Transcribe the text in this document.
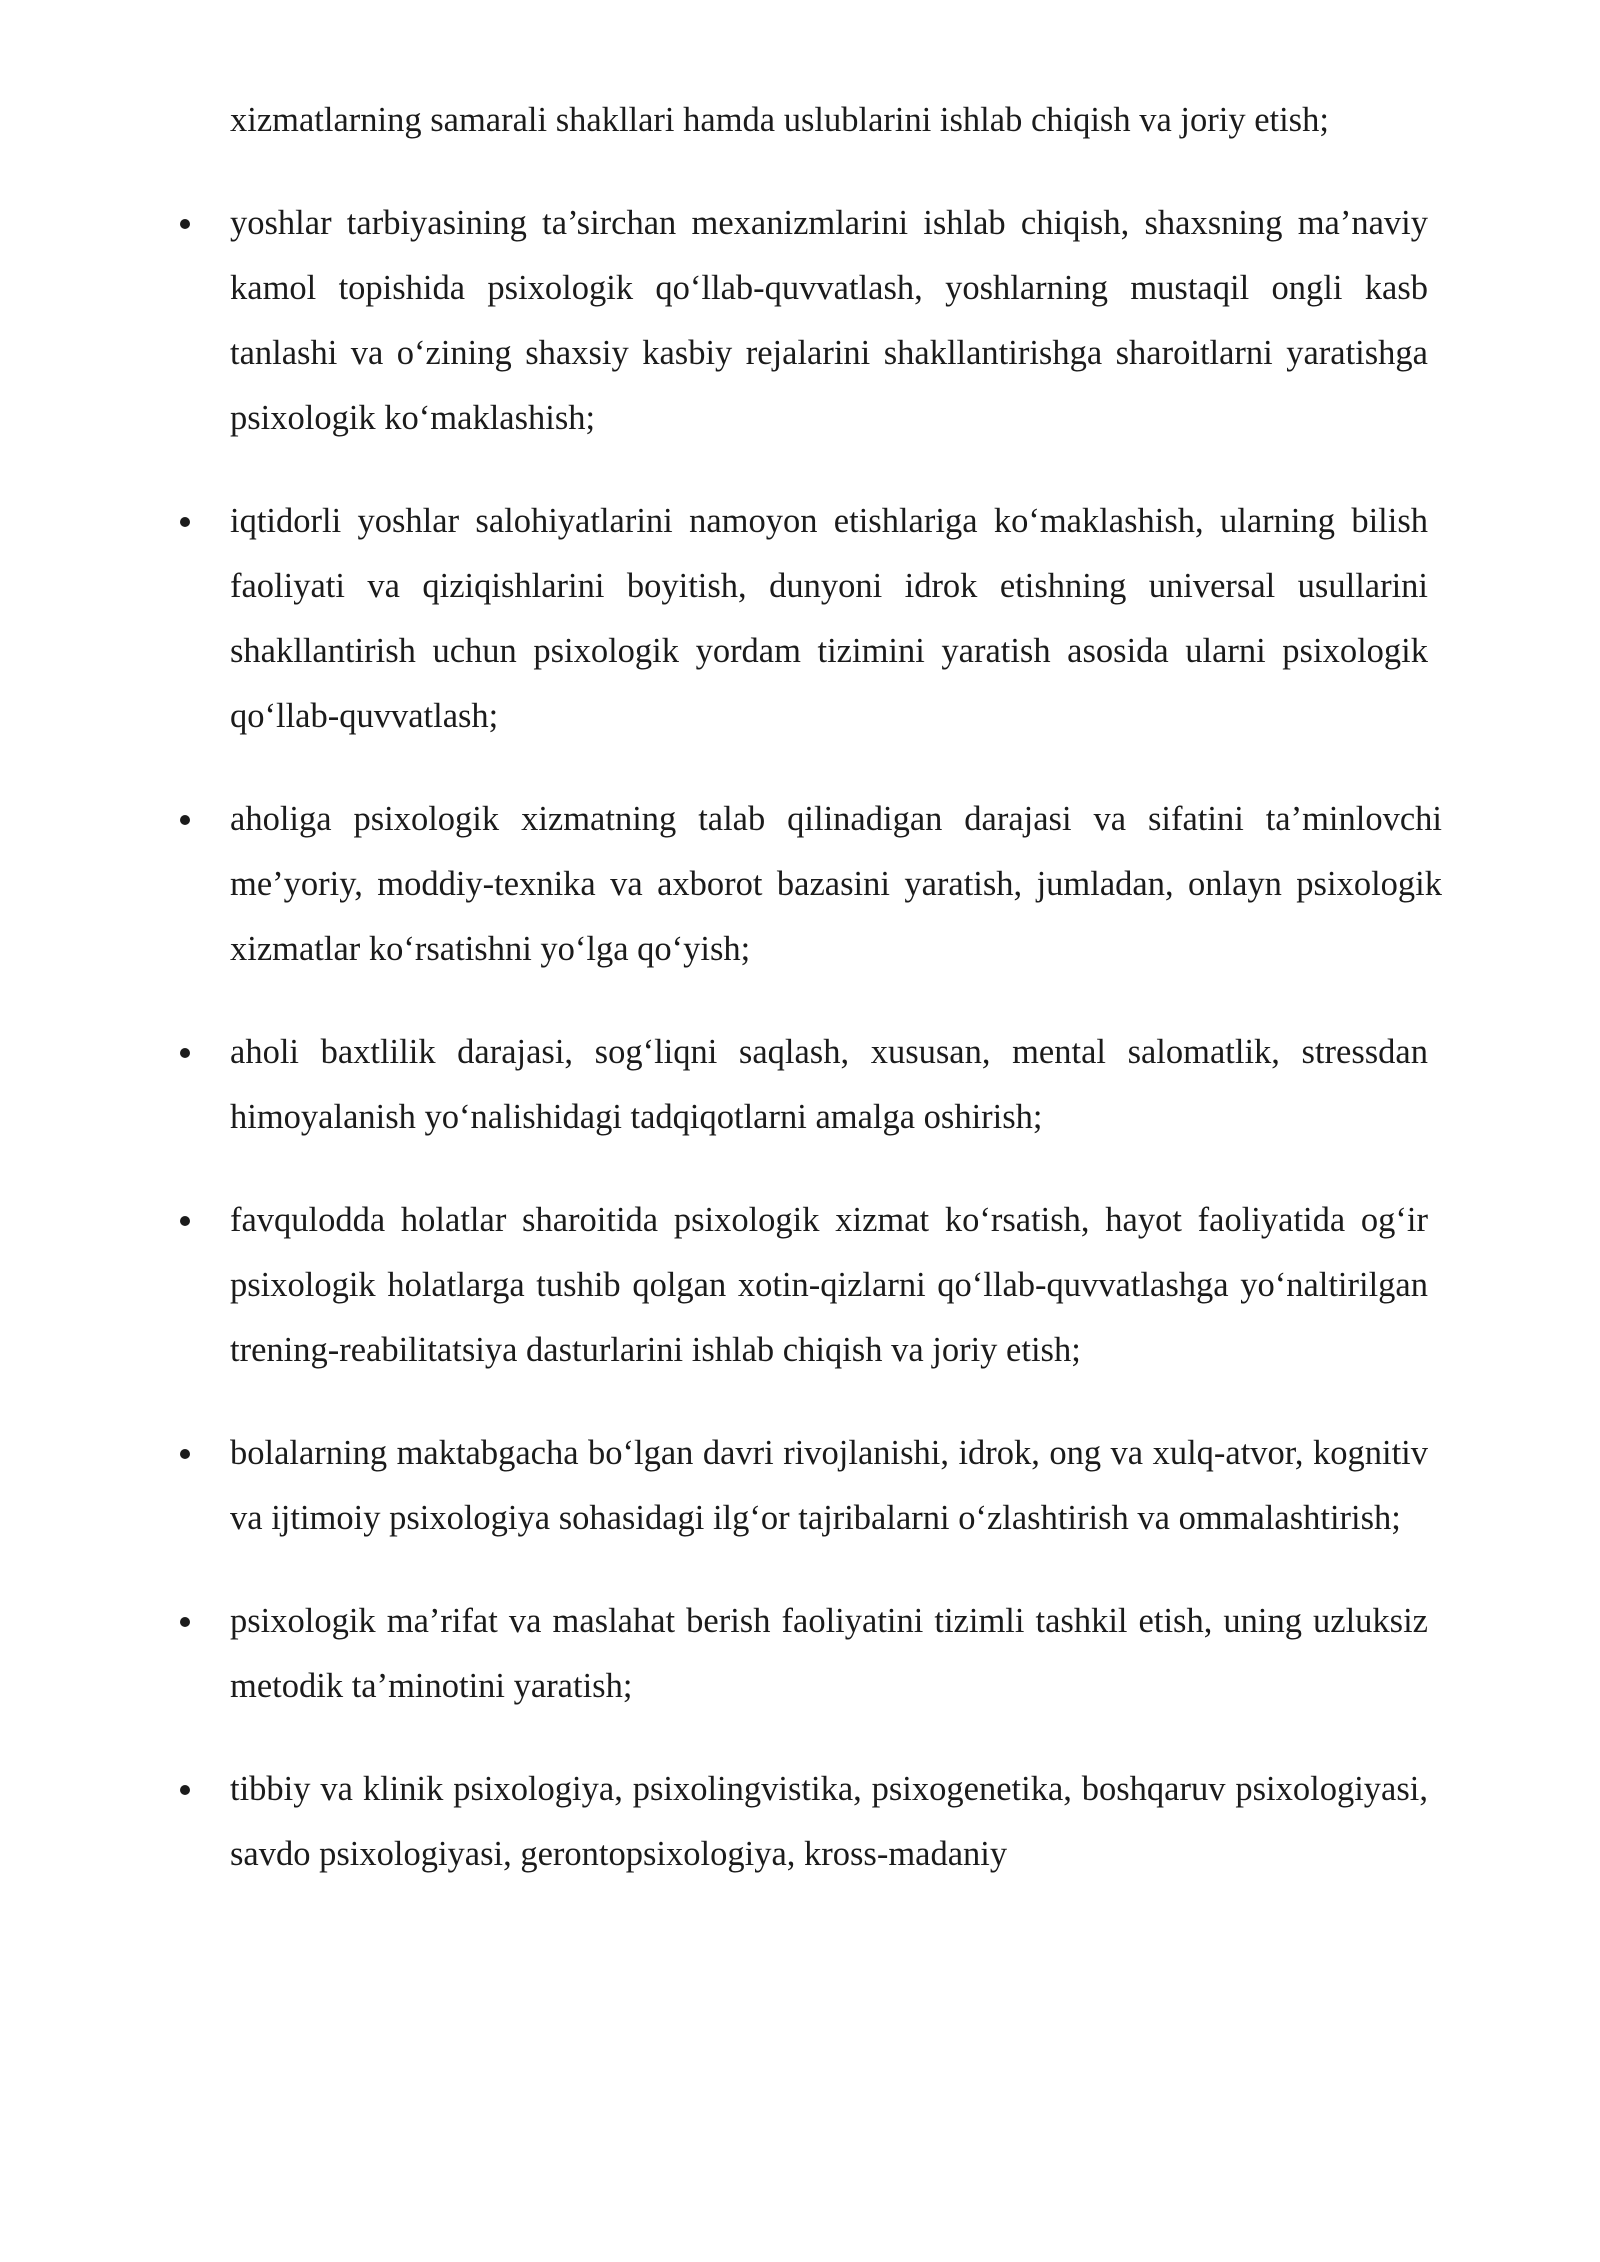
xizmatlarning samarali shakllari hamda uslublarini ishlab chiqish va joriy etish;

yoshlar tarbiyasining ta’sirchan mexanizmlarini ishlab chiqish, shaxsning ma’naviy kamol topishida psixologik qo‘llab-quvvatlash, yoshlarning mustaqil ongli kasb tanlashi va o‘zining shaxsiy kasbiy rejalarini shakllantirishga sharoitlarni yaratishga psixologik ko‘maklashish;
iqtidorli yoshlar salohiyatlarini namoyon etishlariga ko‘maklashish, ularning bilish faoliyati va qiziqishlarini boyitish, dunyoni idrok etishning universal usullarini shakllantirish uchun psixologik yordam tizimini yaratish asosida ularni psixologik qo‘llab-quvvatlash;
aholiga psixologik xizmatning talab qilinadigan darajasi va sifatini ta’minlovchi me’yoriy, moddiy-texnika va axborot bazasini yaratish, jumladan, onlayn psixologik xizmatlar ko‘rsatishni yo‘lga qo‘yish;
aholi baxtlilik darajasi, sog‘liqni saqlash, xususan, mental salomatlik, stressdan himoyalanish yo‘nalishidagi tadqiqotlarni amalga oshirish;
favqulodda holatlar sharoitida psixologik xizmat ko‘rsatish, hayot faoliyatida og‘ir psixologik holatlarga tushib qolgan xotin-qizlarni qo‘llab-quvvatlashga yo‘naltirilgan trening-reabilitatsiya dasturlarini ishlab chiqish va joriy etish;
bolalarning maktabgacha bo‘lgan davri rivojlanishi, idrok, ong va xulq-atvor, kognitiv va ijtimoiy psixologiya sohasidagi ilg‘or tajribalarni o‘zlashtirish va ommalashtirish;
psixologik ma’rifat va maslahat berish faoliyatini tizimli tashkil etish, uning uzluksiz metodik ta’minotini yaratish;
tibbiy va klinik psixologiya, psixolingvistika, psixogenetika, boshqaruv psixologiyasi, savdo psixologiyasi, gerontopsixologiya, kross-madaniy
